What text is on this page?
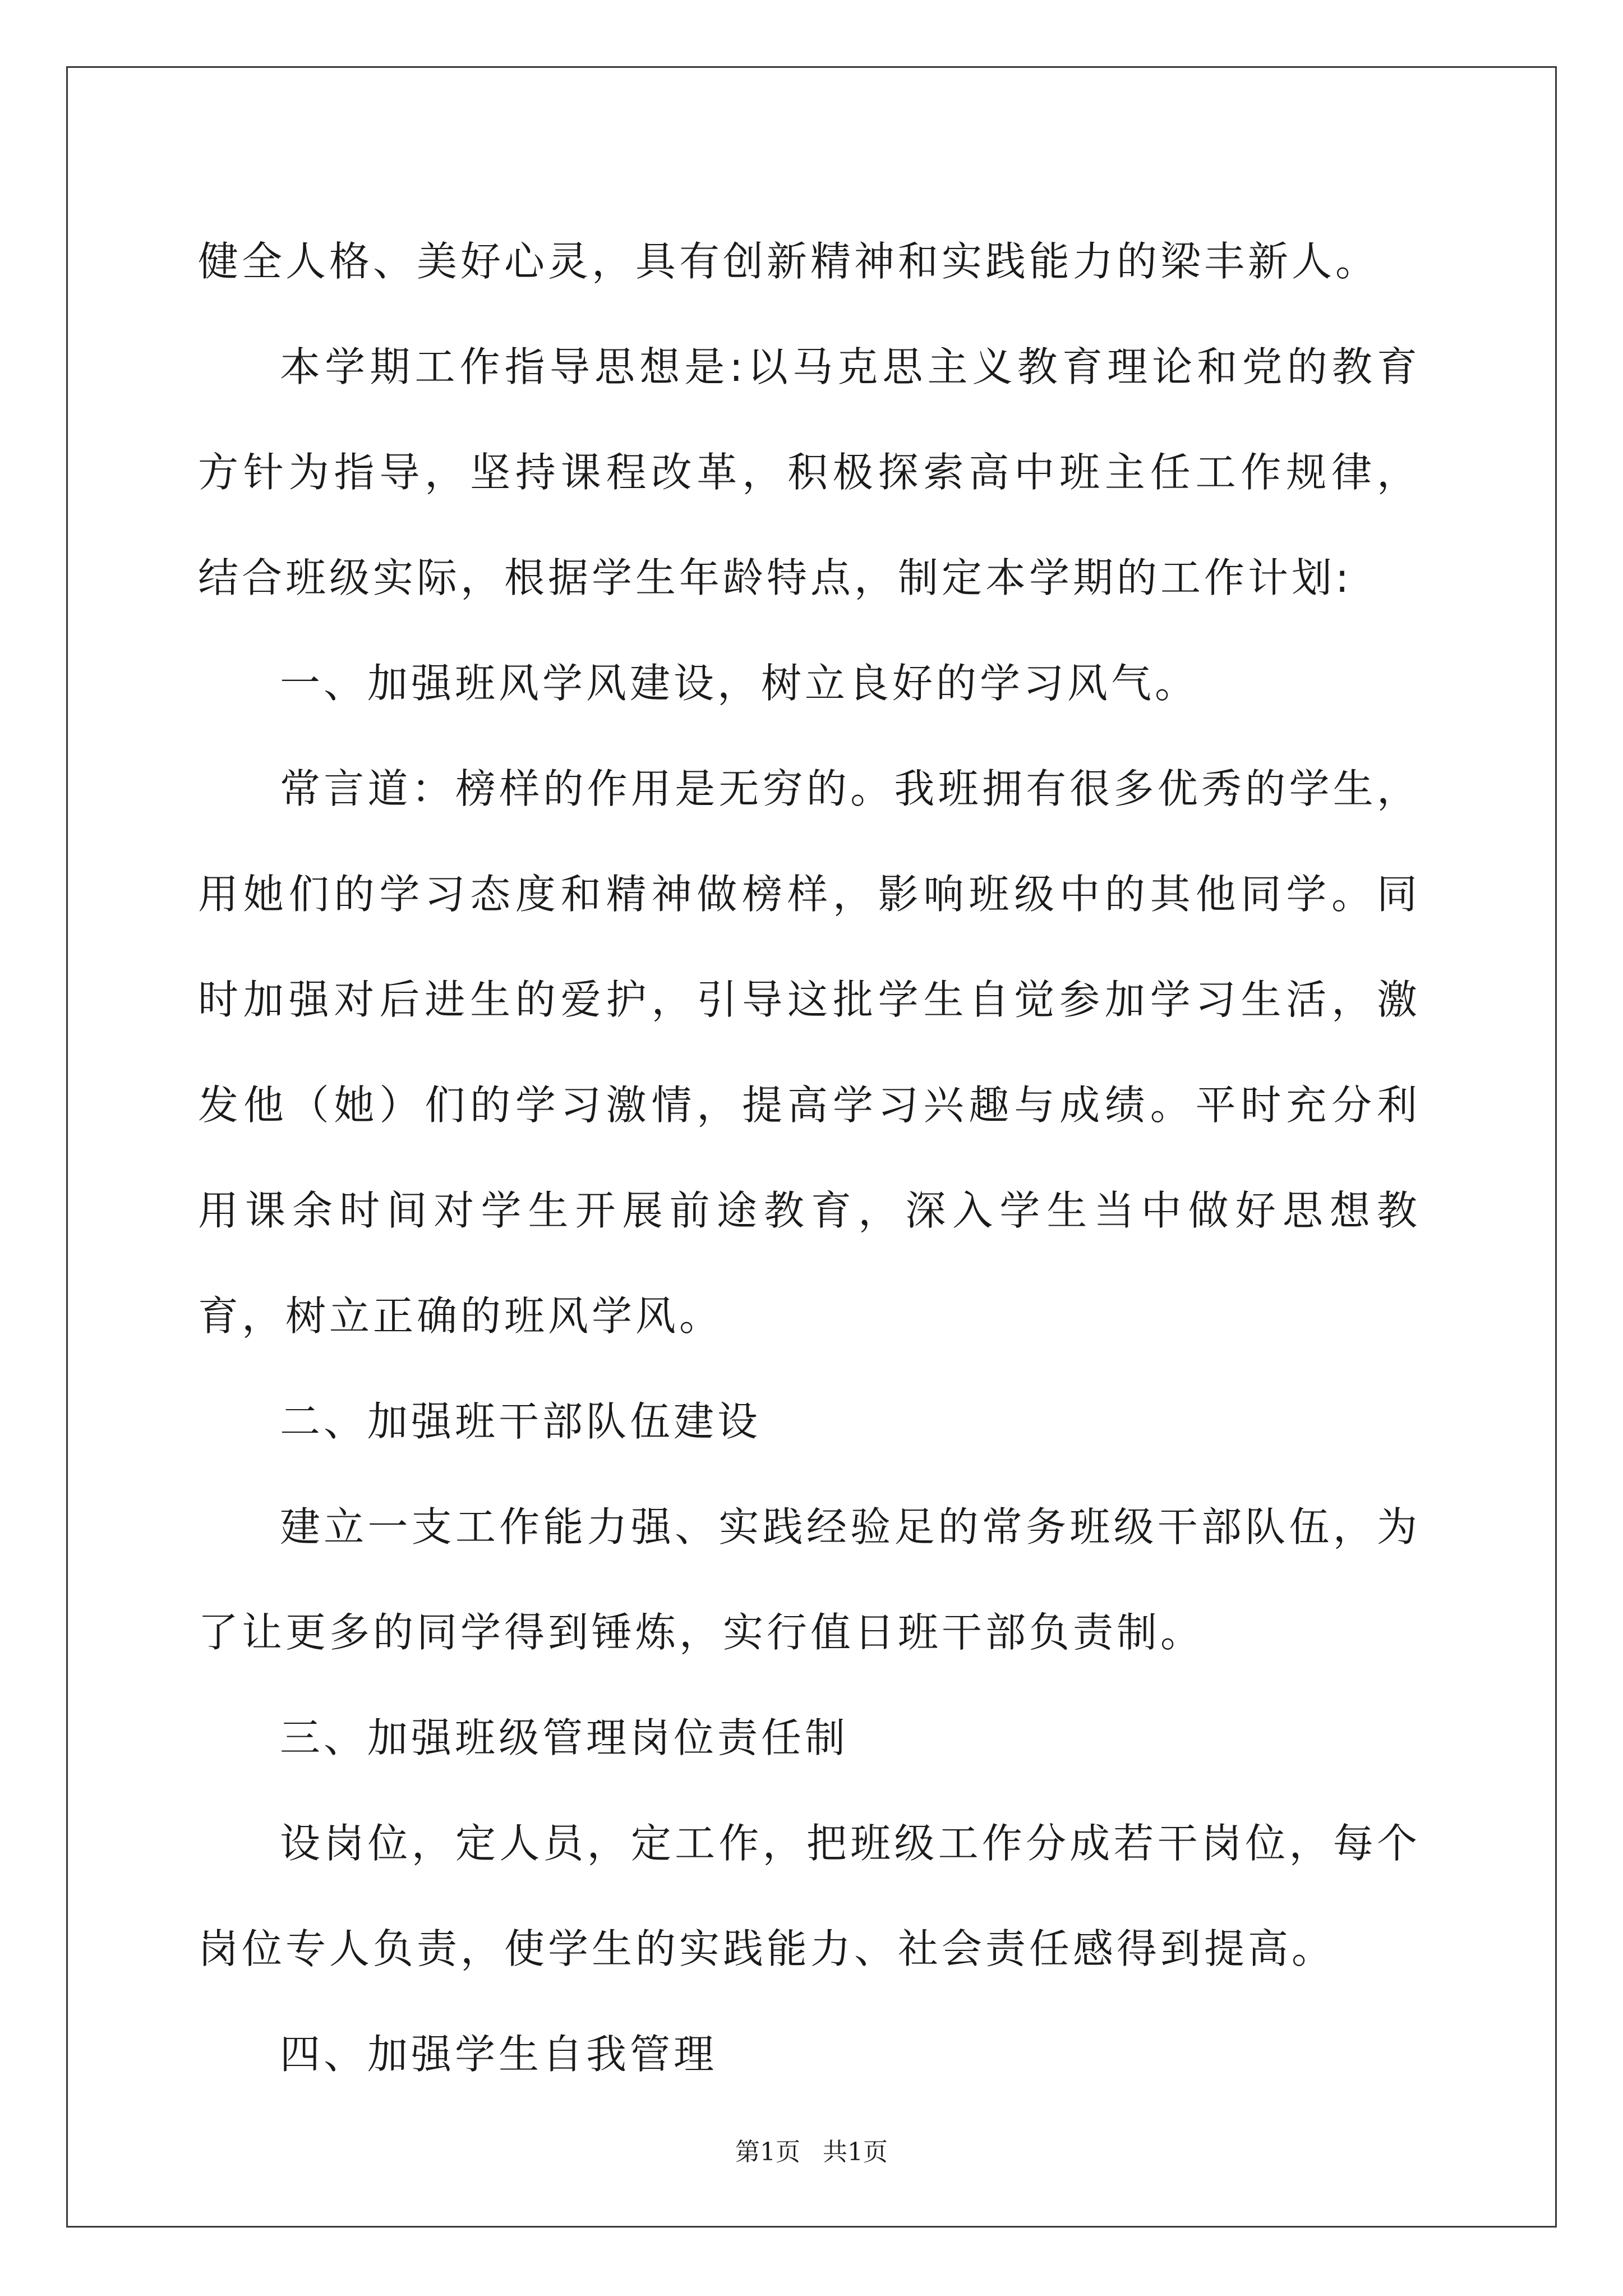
健全人格、美好心灵，具有创新精神和实践能力的梁丰新人。

本学期工作指导思想是:以马克思主义教育理论和党的教育方针为指导，坚持课程改革，积极探索高中班主任工作规律，结合班级实际，根据学生年龄特点，制定本学期的工作计划:

一、加强班风学风建设，树立良好的学习风气。

常言道：榜样的作用是无穷的。我班拥有很多优秀的学生，用她们的学习态度和精神做榜样，影响班级中的其他同学。同时加强对后进生的爱护，引导这批学生自觉参加学习生活，激发他（她）们的学习激情，提高学习兴趣与成绩。平时充分利用课余时间对学生开展前途教育，深入学生当中做好思想教育，树立正确的班风学风。

二、加强班干部队伍建设

建立一支工作能力强、实践经验足的常务班级干部队伍，为了让更多的同学得到锤炼，实行值日班干部负责制。

三、加强班级管理岗位责任制

设岗位，定人员，定工作，把班级工作分成若干岗位，每个岗位专人负责，使学生的实践能力、社会责任感得到提高。

四、加强学生自我管理

第1页 共1页
